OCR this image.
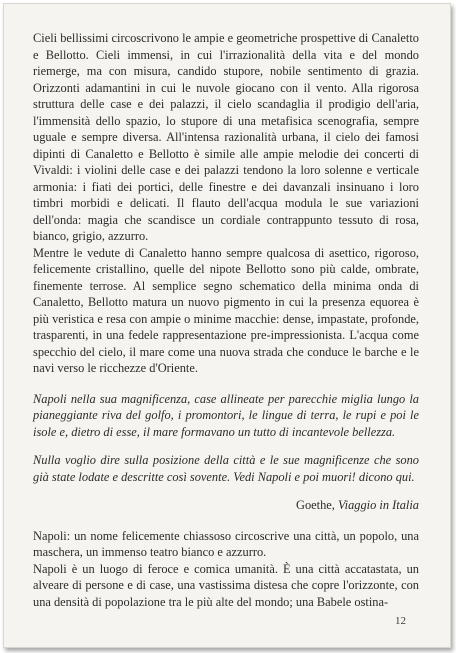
Cieli bellissimi circoscrivono le ampie e geometriche prospettive di Canaletto e Bellotto. Cieli immensi, in cui l'irrazionalità della vita e del mondo riemerge, ma con misura, candido stupore, nobile sentimento di grazia. Orizzonti adamantini in cui le nuvole giocano con il vento. Alla rigorosa struttura delle case e dei palazzi, il cielo scandaglia il prodigio dell'aria, l'immensità dello spazio, lo stupore di una metafisica scenografia, sempre uguale e sempre diversa. All'intensa razionalità urbana, il cielo dei famosi dipinti di Canaletto e Bellotto è simile alle ampie melodie dei concerti di Vivaldi: i violini delle case e dei palazzi tendono la loro solenne e verticale armonia: i fiati dei portici, delle finestre e dei davanzali insinuano i loro timbri morbidi e delicati. Il flauto dell'acqua modula le sue variazioni dell'onda: magia che scandisce un cordiale contrappunto tessuto di rosa, bianco, grigio, azzurro.

Mentre le vedute di Canaletto hanno sempre qualcosa di asettico, rigoroso, felicemente cristallino, quelle del nipote Bellotto sono più calde, ombrate, finemente terrose. Al semplice segno schematico della minima onda di Canaletto, Bellotto matura un nuovo pigmento in cui la presenza equorea è più veristica e resa con ampie o minime macchie: dense, impastate, profonde, trasparenti, in una fedele rappresentazione pre-impressionista. L'acqua come specchio del cielo, il mare come una nuova strada che conduce le barche e le navi verso le ricchezze d'Oriente.

Napoli nella sua magnificenza, case allineate per parecchie miglia lungo la pianeggiante riva del golfo, i promontori, le lingue di terra, le rupi e poi le isole e, dietro di esse, il mare formavano un tutto di incantevole bellezza.

Nulla voglio dire sulla posizione della città e le sue magnificenze che sono già state lodate e descritte così sovente. Vedi Napoli e poi muori! dicono qui.

Goethe, Viaggio in Italia

Napoli: un nome felicemente chiassoso circoscrive una città, un popolo, una maschera, un immenso teatro bianco e azzurro.

Napoli è un luogo di feroce e comica umanità. È una città accatastata, un alveare di persone e di case, una vastissima distesa che copre l'orizzonte, con una densità di popolazione tra le più alte del mondo; una Babele ostina-

12
